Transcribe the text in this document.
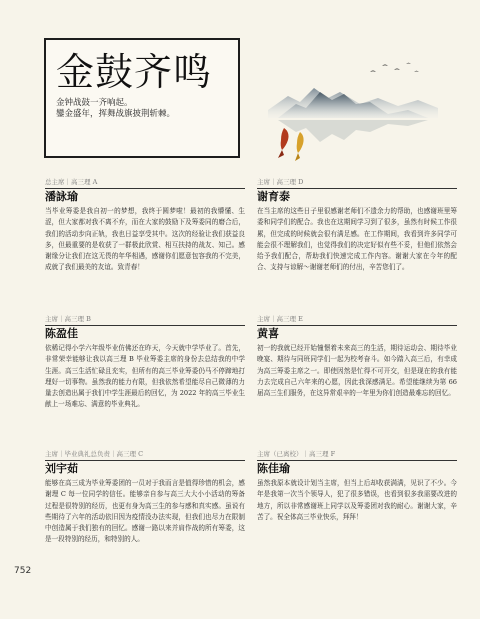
金鼓齐鸣
金钟战鼓一齐响起。
鑾金盛年，挥舞战旗披荆斩棘。
总主席｜高三理 A
潘詠瑜
当毕业筹委是我自初一的梦想，我终于圆梦啦！最初的我懵懂、生涩，但大家都对我不离不弃，而在大家的鼓励下及筹委同的磨合后，我们的活动步向正轨，我也日益享受其中。这次的经验让我们获益良多，但最重要的是收获了一群极此欣赏、相互扶持的战友、知己。感谢缘分让我们在这无畏的年华相遇，感谢你们愿意包容我的不完美，成就了我们最美的友谊。致青春！
主席｜高三理 B
陈盈佳
依稀记得小学六年级毕业仿佛还在昨天，今天就中学毕业了。首先，非常荣幸能够让我以高三理 B 毕业筹委主席的身份去总结我的中学生涯。高三生活忙碌且充实，但所有的高三毕业筹委仍马不停蹄地打理好一切事物。虽然我的能力有限，但我依然希望能尽自己微薄的力量去创造出属于我们中学生涯最后的回忆，为 2022 年的高三毕业生献上一场难忘、满意的毕业典礼。
主席｜毕业典礼总负责｜高三理 C
刘宇茹
能够在高三成为毕业筹委团的一员对于我而言是值得珍惜的机会，感谢理 C 每一位同学的信任。能够亲自参与高三大大小小活动的筹备过程是很特别的经历，也更有身为高三生的参与感和真实感。虽说有些期待了六年的活动依旧因为疫情没办法实现，但我们也尽力在限制中创造属于我们独有的回忆。感谢一路以来并肩作战的所有筹委，这是一段特别的经历，和特别的人。
主席｜高三理 D
谢育泰
在当主席的这些日子里很感谢老师们不遗余力的帮助，也感谢班里筹委和同学们的配合。我也在这期间学习到了很多，虽然有时候工作很累，但完成的时候就会很有满足感。在工作期间，我看到许多同学可能会很不理解我们，也觉得我们的决定好似有些不妥，但他们依然会给予我们配合，帮助我们快速完成工作内容。谢谢大家在今年的配合、支持与谅解～谢谢老师们的付出，辛苦您们了。
主席｜高三理 E
黄喜
初一的我就已经开始憧憬着未来高三的生活，期待运动会、期待毕业晚宴、期待与同班同学们一起为校考奋斗。如今踏入高三后，有幸成为高三筹委主席之一。即使因然是忙得不可开交，但是现在的我有能力去完成自己六年来的心愿，因此我深感满足。希望能继续为第 66 届高三生们服务，在这异常艰辛的一年里为你们创造最难忘的回忆。
主席（已离校）｜高三理 F
陈佳瑜
虽然我原本就设计划当主席，但当上后却收获满满，见识了不少。今年是我第一次当个领导人，犯了很多错误，也看到很多我需要改进的地方，所以非常感谢班上同学以及筹委团对我的耐心。谢谢大家，辛苦了。祝全体高三毕业快乐，拜拜！
752
